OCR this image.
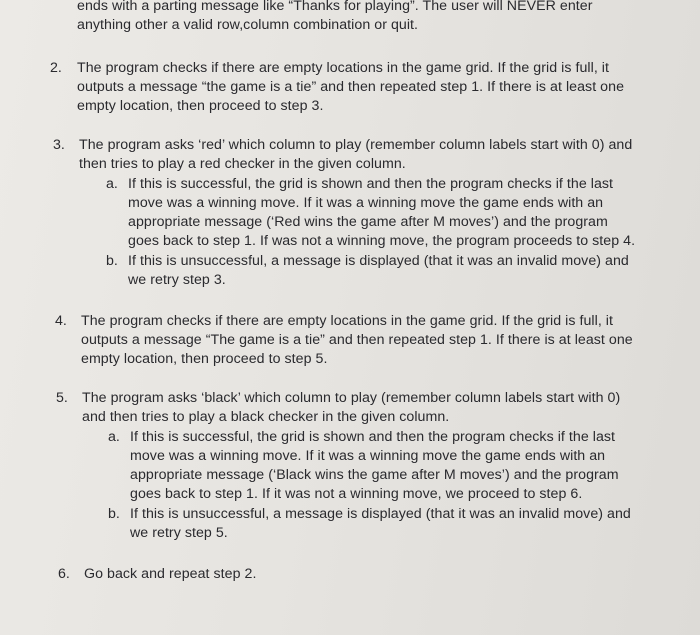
ends with a parting message like “Thanks for playing”. The user will NEVER enter
anything other a valid row,column combination or quit.
2. The program checks if there are empty locations in the game grid. If the grid is full, it
outputs a message “the game is a tie” and then repeated step 1. If there is at least one
empty location, then proceed to step 3.
3. The program asks ‘red’ which column to play (remember column labels start with 0) and
then tries to play a red checker in the given column.
a. If this is successful, the grid is shown and then the program checks if the last
move was a winning move. If it was a winning move the game ends with an
appropriate message (‘Red wins the game after M moves’) and the program
goes back to step 1. If was not a winning move, the program proceeds to step 4.
b. If this is unsuccessful, a message is displayed (that it was an invalid move) and
we retry step 3.
4. The program checks if there are empty locations in the game grid. If the grid is full, it
outputs a message “The game is a tie” and then repeated step 1. If there is at least one
empty location, then proceed to step 5.
5. The program asks ‘black’ which column to play (remember column labels start with 0)
and then tries to play a black checker in the given column.
a. If this is successful, the grid is shown and then the program checks if the last
move was a winning move. If it was a winning move the game ends with an
appropriate message (‘Black wins the game after M moves’) and the program
goes back to step 1. If it was not a winning move, we proceed to step 6.
b. If this is unsuccessful, a message is displayed (that it was an invalid move) and
we retry step 5.
6. Go back and repeat step 2.
